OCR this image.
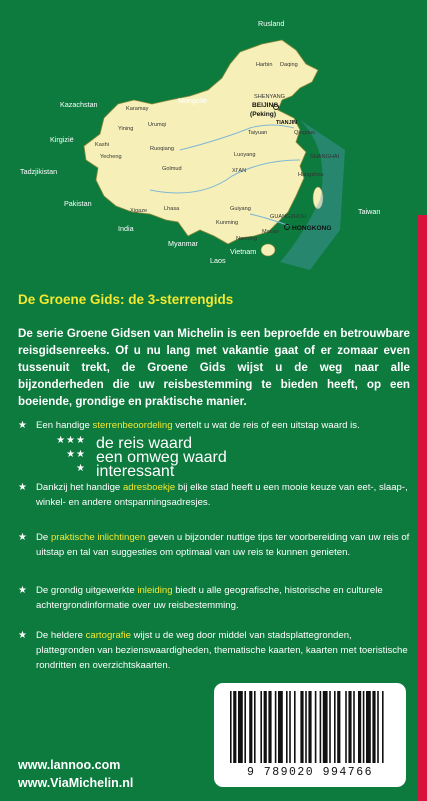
Rusland
Kazachstan	Mongolië
Kirgizië
Tadzjikistan
Pakistan
India
Myanmar
Laos
Vietnam
Taiwan
Harbin Daqing
SHENYANG
Taiyuan	Qingdao
Luoyang	SHANGHAI
XI'AN
Hangzhou
Karamay
Yining
Urumqi
Kashi
Yecheng
Ruoqiang
Golmud
Xigaze	Lhasa	Guiyang
Kunming
GUANGZHOU
Macao
Nanning
BEIJING
(Peking)
TIANJIN
HONGKONG

De Groene Gids: de 3-sterrengids

De serie Groene Gidsen van Michelin is een beproefde en betrouwbare reisgidsenreeks. Of u nu lang met vakantie gaat of er zomaar even tussenuit trekt, de Groene Gids wijst u de weg naar alle bijzonderheden die uw reisbestemming te bieden heeft, op een boeiende, grondige en praktische manier.

★ Een handige sterrenbeoordeling vertelt u wat de reis of een uitstap waard is.
★★★ de reis waard
★★ een omweg waard
★ interessant
★ Dankzij het handige adresboekje bij elke stad heeft u een mooie keuze van eet-, slaap-, winkel- en andere ontspanningsadresjes.
★ De praktische inlichtingen geven u bijzonder nuttige tips ter voorbereiding van uw reis of uitstap en tal van suggesties om optimaal van uw reis te kunnen genieten.
★ De grondig uitgewerkte inleiding biedt u alle geografische, historische en culturele achtergrondinformatie over uw reisbestemming.
★ De heldere cartografie wijst u de weg door middel van stadsplattegronden, plattegronden van bezienswaardigheden, thematische kaarten, kaarten met toeristische rondritten en overzichtskaarten.
www.lannoo.com
www.ViaMichelin.nl
9 789020 994766
